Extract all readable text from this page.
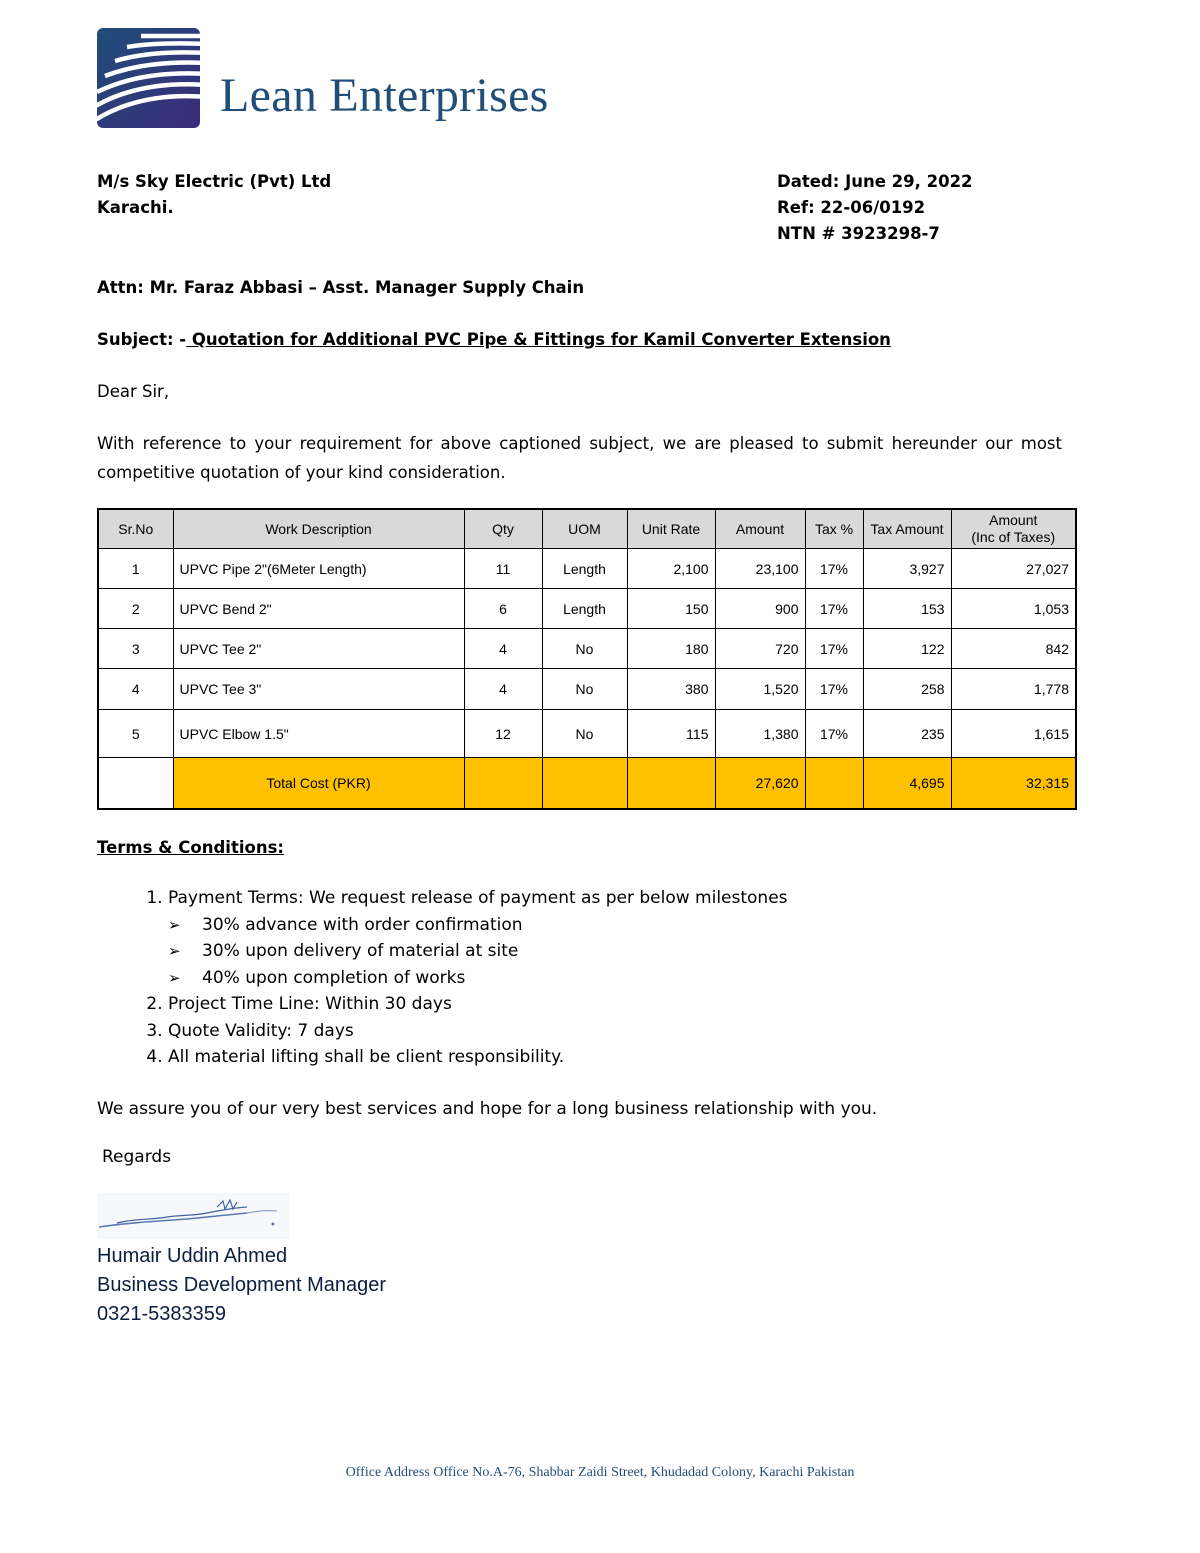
Lean Enterprises
M/s Sky Electric (Pvt) Ltd
Karachi.
Dated: June 29, 2022
Ref: 22-06/0192
NTN # 3923298-7
Attn: Mr. Faraz Abbasi – Asst. Manager Supply Chain
Subject: - Quotation for Additional PVC Pipe & Fittings for Kamil Converter Extension
Dear Sir,
With reference to your requirement for above captioned subject, we are pleased to submit hereunder our most competitive quotation of your kind consideration.
Sr.No	Work Description	Qty	UOM	Unit Rate	Amount	Tax %	Tax Amount	Amount
(Inc of Taxes)

1	UPVC Pipe 2"(6Meter Length)	11	Length	2,100	23,100	17%	3,927	27,027
2	UPVC Bend 2"	6	Length	150	900	17%	153	1,053
3	UPVC Tee 2"	4	No	180	720	17%	122	842
4	UPVC Tee 3"	4	No	380	1,520	17%	258	1,778
5	UPVC Elbow 1.5"	12	No	115	1,380	17%	235	1,615
	Total Cost (PKR)				27,620		4,695	32,315
Terms & Conditions:
1. Payment Terms: We request release of payment as per below milestones
➢ 30% advance with order confirmation
➢ 30% upon delivery of material at site
➢ 40% upon completion of works
2. Project Time Line: Within 30 days
3. Quote Validity: 7 days
4. All material lifting shall be client responsibility.
We assure you of our very best services and hope for a long business relationship with you.
Regards
Humair Uddin Ahmed
Business Development Manager
0321-5383359
Office Address Office No.A-76, Shabbar Zaidi Street, Khudadad Colony, Karachi Pakistan
